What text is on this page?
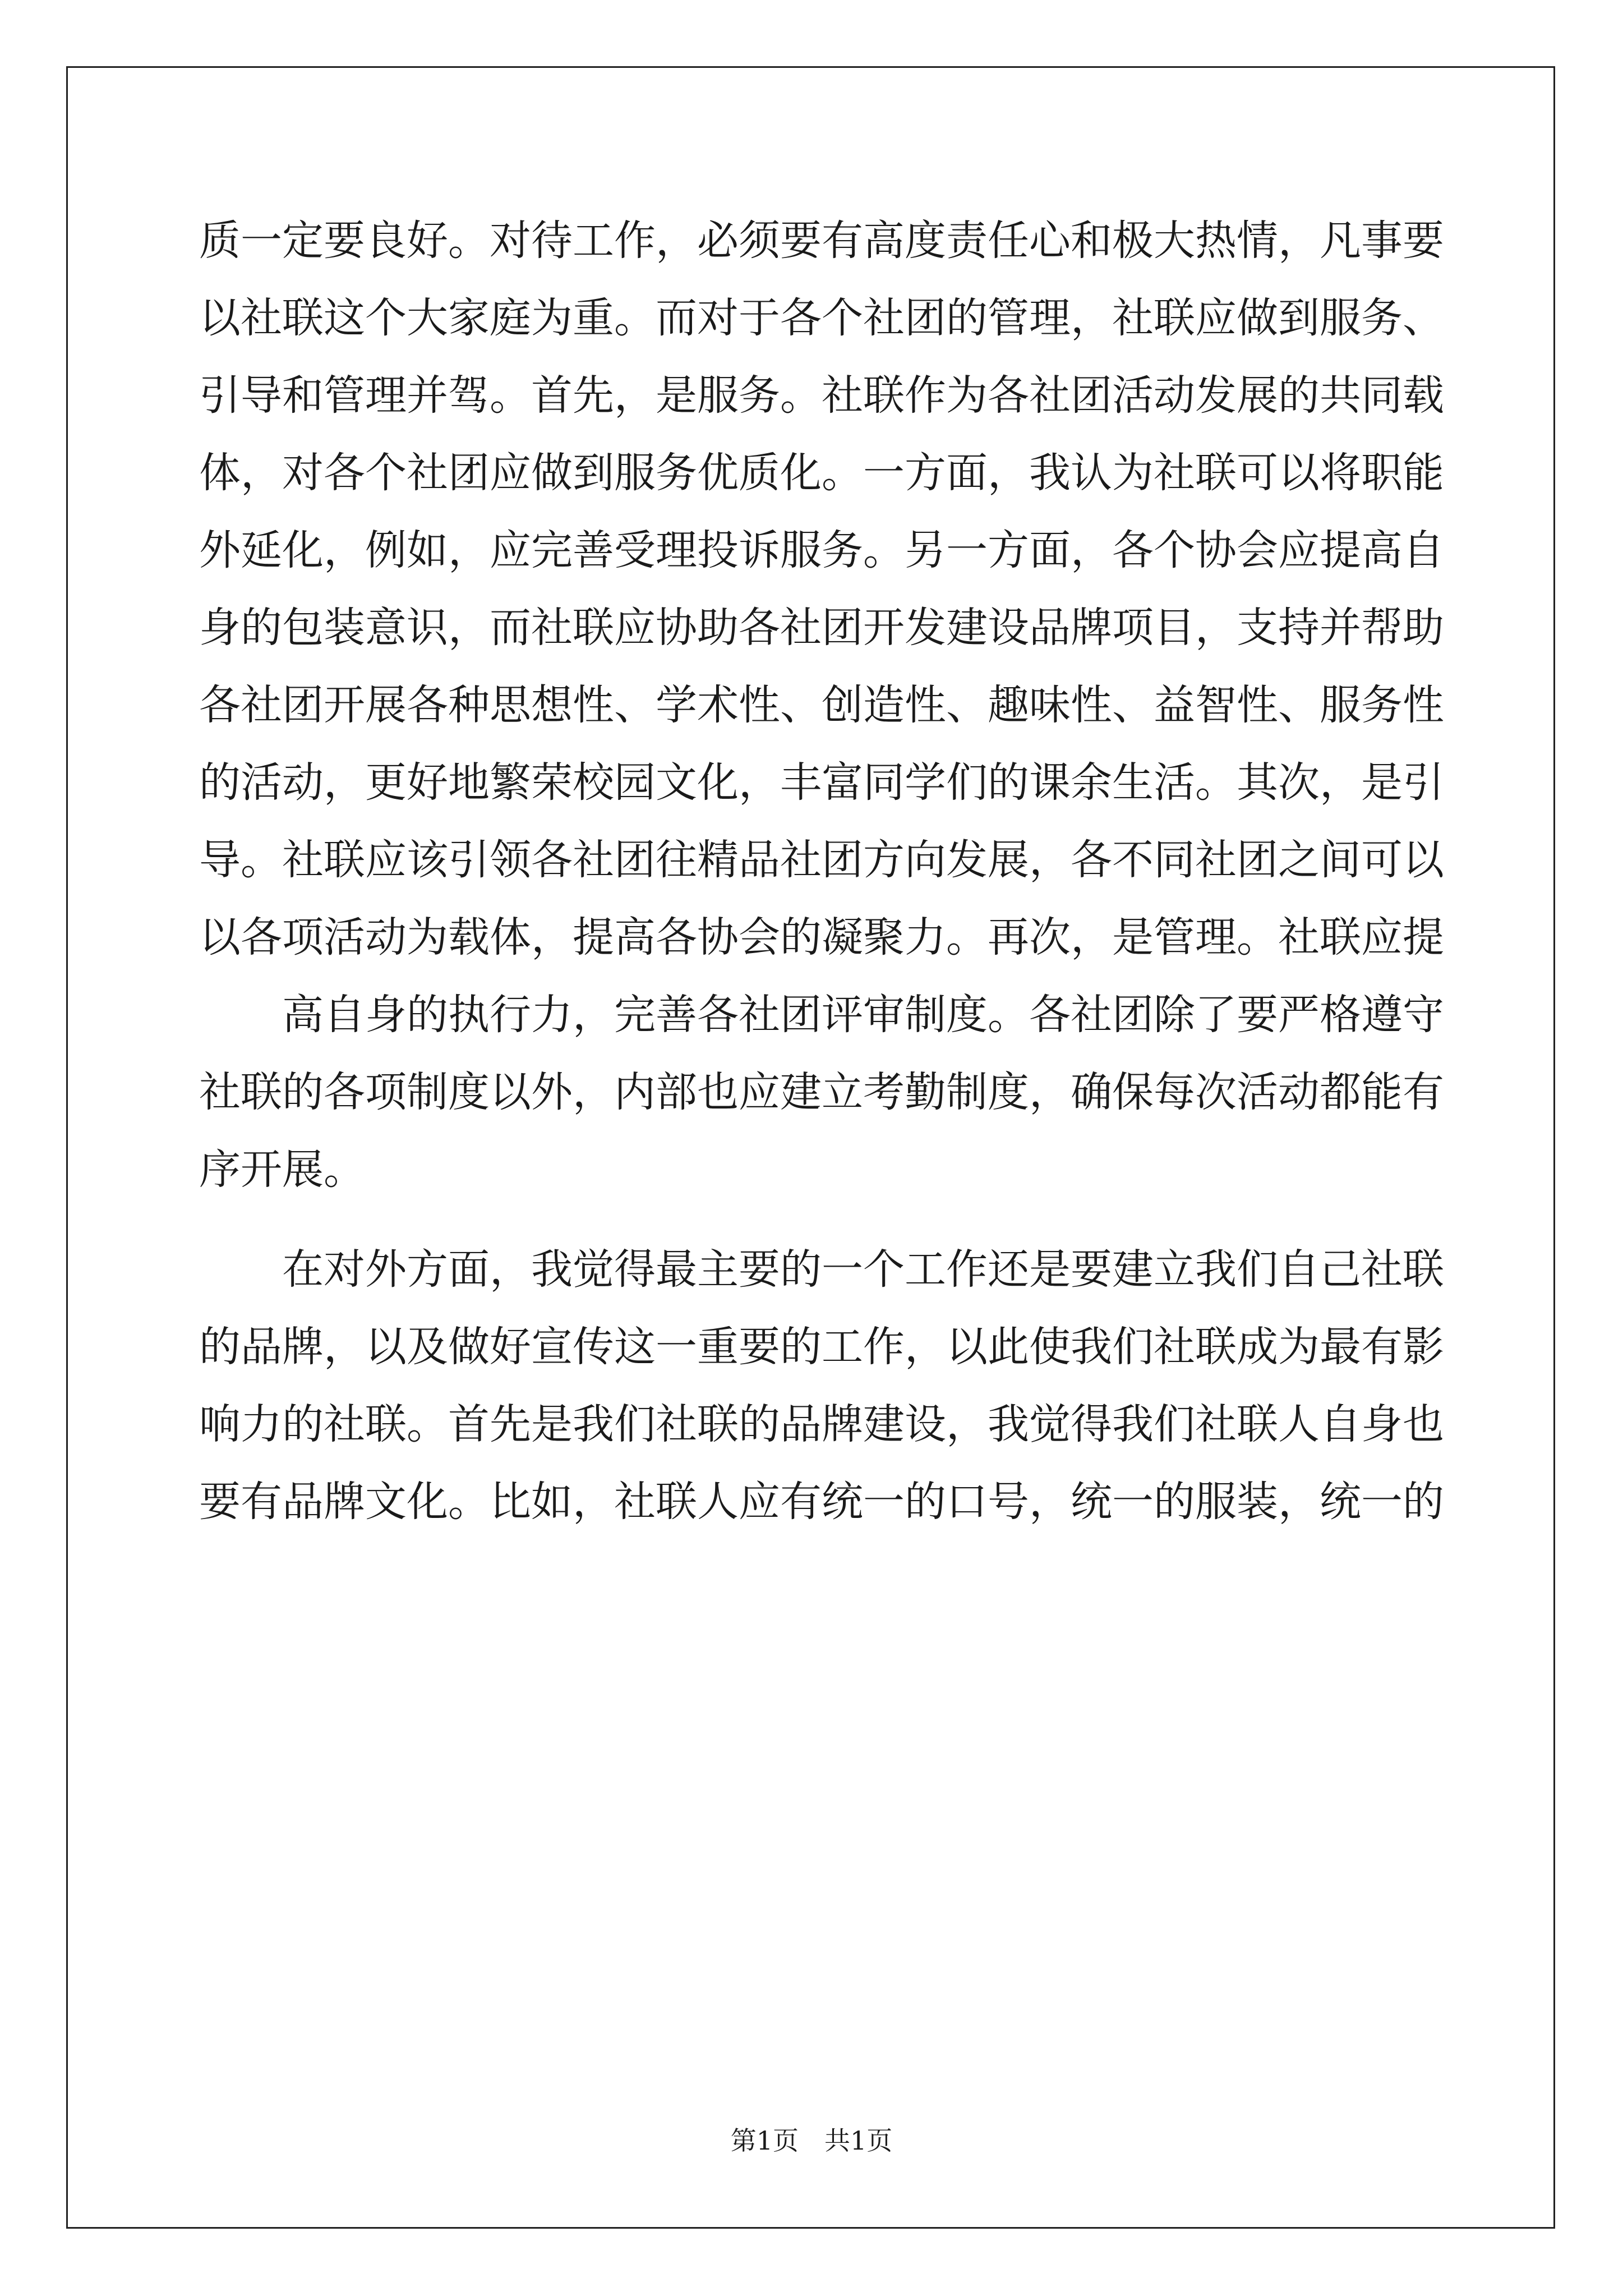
质一定要良好。对待工作，必须要有高度责任心和极大热情，凡事要
以社联这个大家庭为重。而对于各个社团的管理，社联应做到服务、
引导和管理并驾。首先，是服务。社联作为各社团活动发展的共同载
体，对各个社团应做到服务优质化。一方面，我认为社联可以将职能
外延化，例如，应完善受理投诉服务。另一方面，各个协会应提高自
身的包装意识，而社联应协助各社团开发建设品牌项目，支持并帮助
各社团开展各种思想性、学术性、创造性、趣味性、益智性、服务性
的活动，更好地繁荣校园文化，丰富同学们的课余生活。其次，是引
导。社联应该引领各社团往精品社团方向发展，各不同社团之间可以
以各项活动为载体，提高各协会的凝聚力。再次，是管理。社联应提
高自身的执行力，完善各社团评审制度。各社团除了要严格遵守
社联的各项制度以外，内部也应建立考勤制度，确保每次活动都能有
序开展。
在对外方面，我觉得最主要的一个工作还是要建立我们自己社联
的品牌，以及做好宣传这一重要的工作，以此使我们社联成为最有影
响力的社联。首先是我们社联的品牌建设，我觉得我们社联人自身也
要有品牌文化。比如，社联人应有统一的口号，统一的服装，统一的
第1页　共1页
